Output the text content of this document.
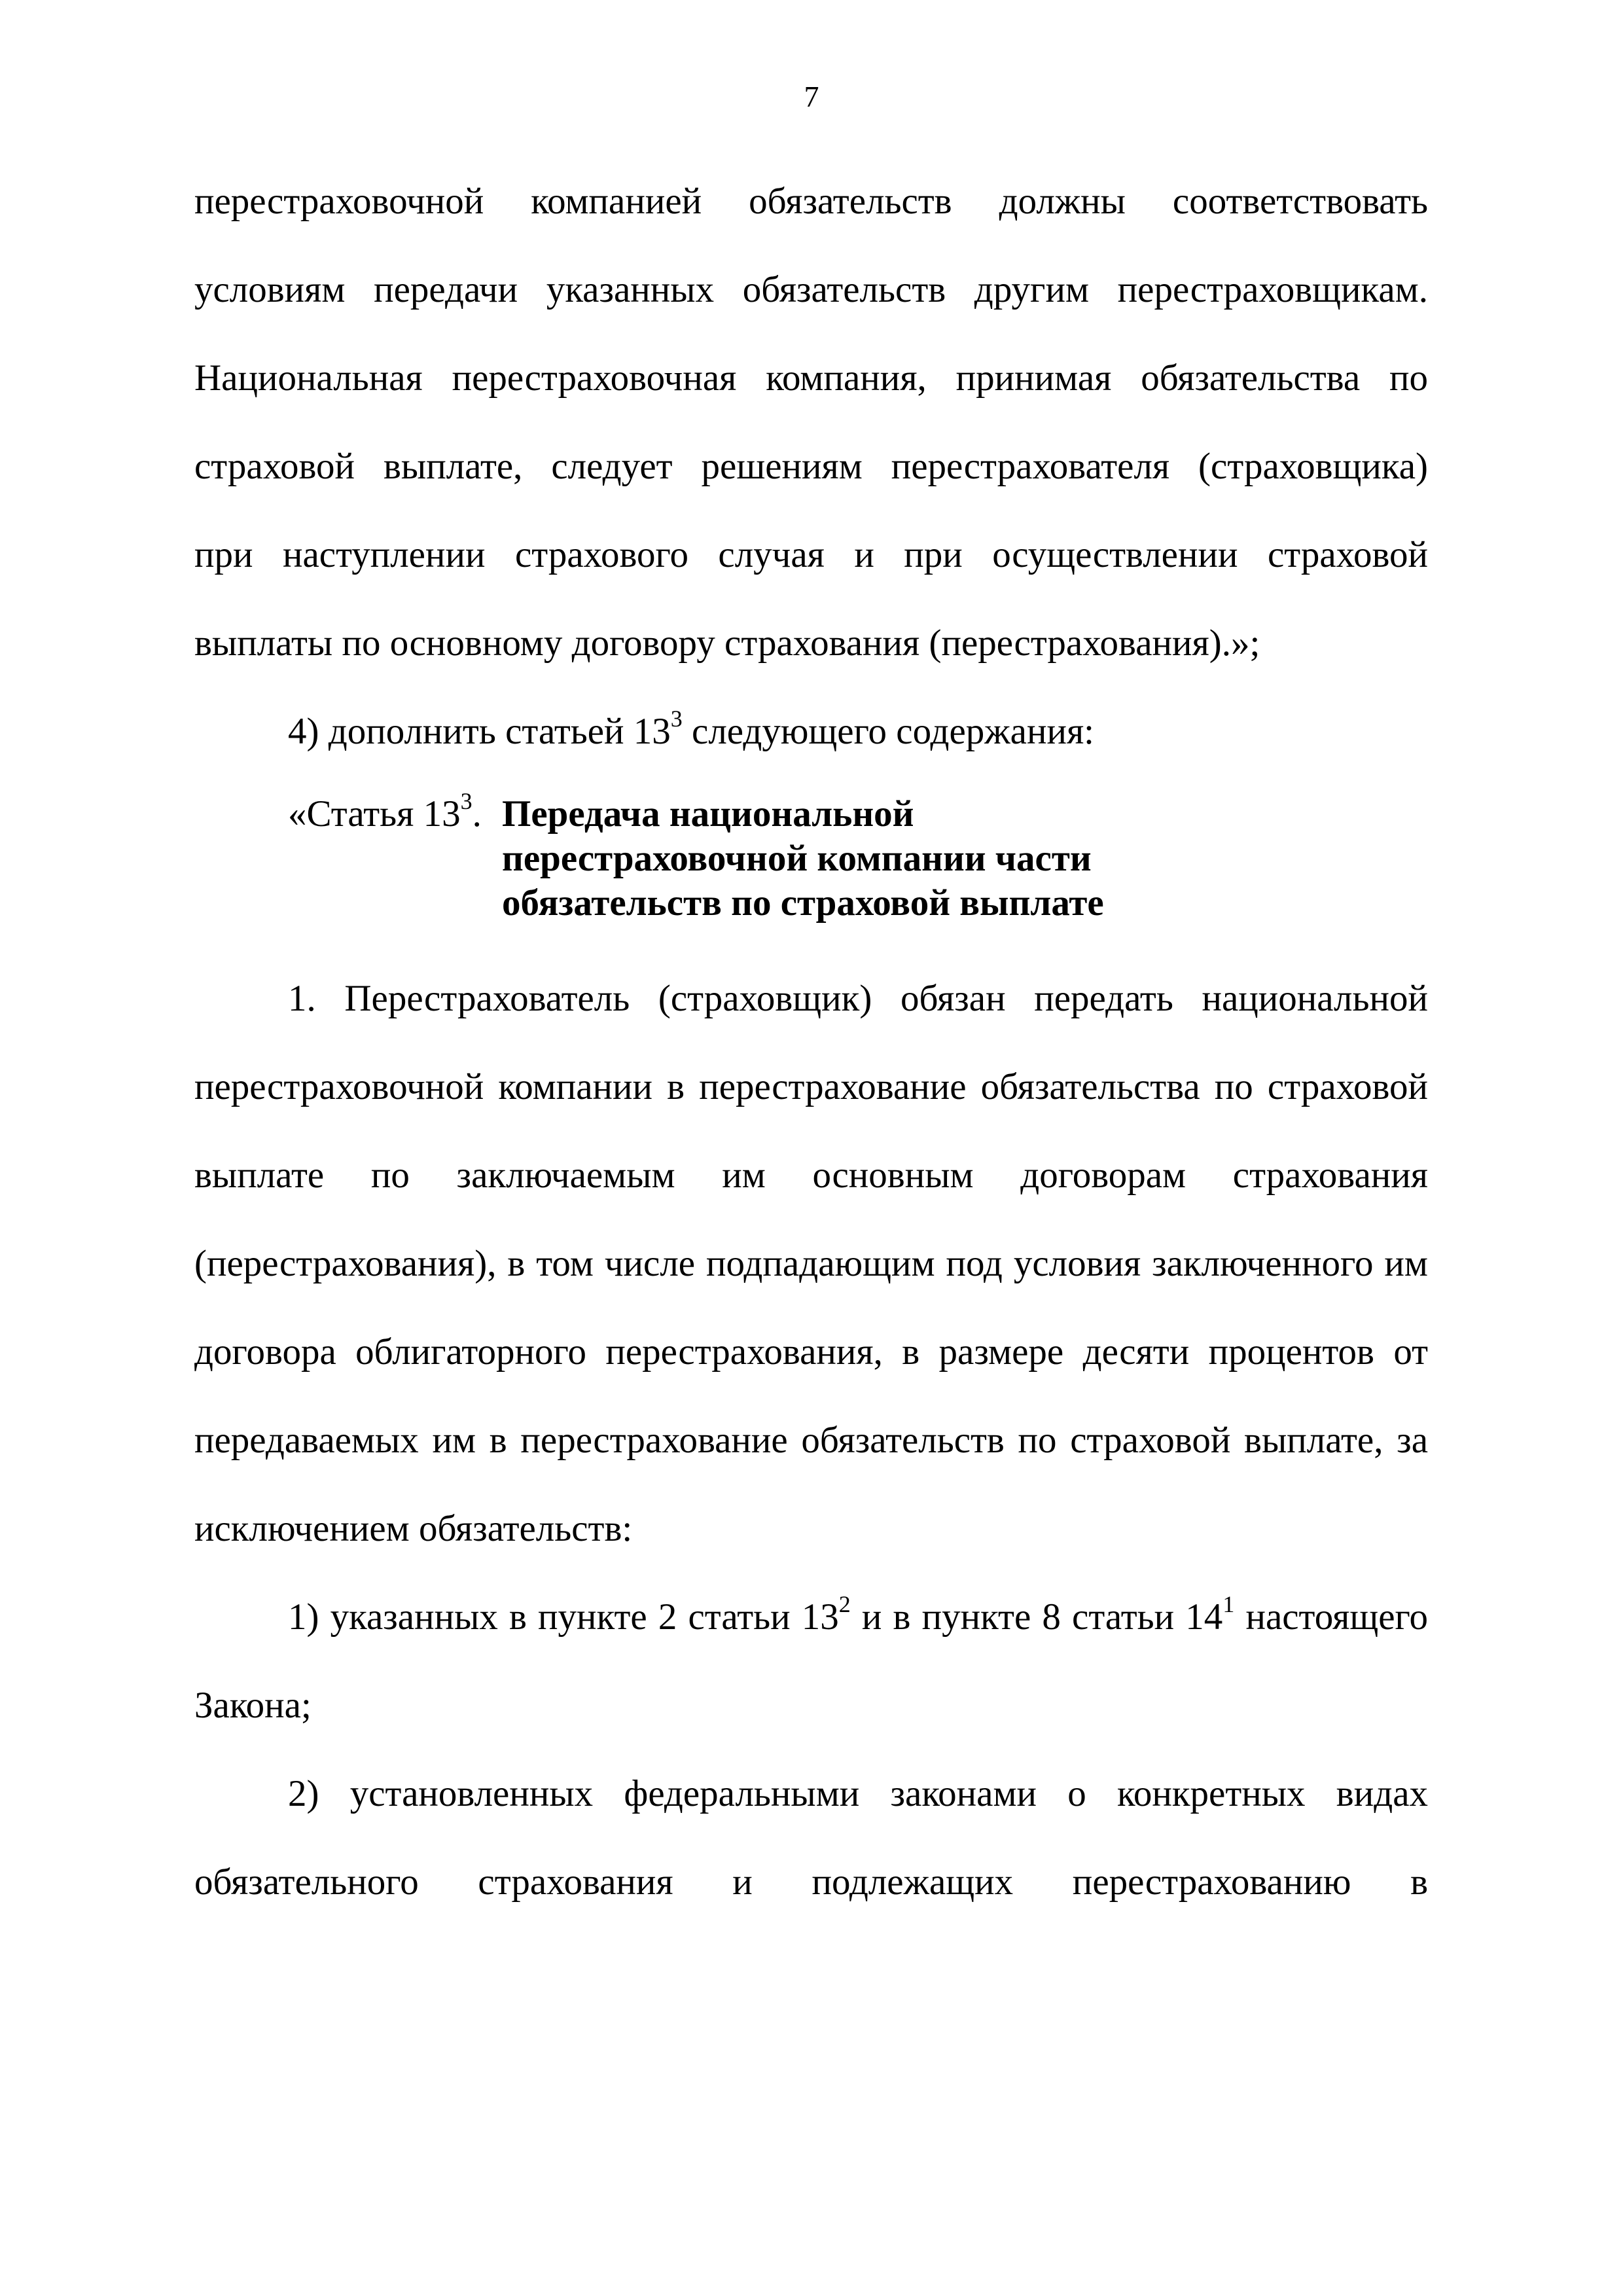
7

перестраховочной компанией обязательств должны соответствовать

условиям передачи указанных обязательств другим перестраховщикам.

Национальная перестраховочная компания, принимая обязательства по

страховой выплате, следует решениям перестрахователя (страховщика)

при наступлении страхового случая и при осуществлении страховой

выплаты по основному договору страхования (перестрахования).»;

4) дополнить статьей $13^3$ следующего содержания:

«Статья $13^3$. Передача национальной перестраховочной компании части обязательств по страховой выплате

1. Перестрахователь (страховщик) обязан передать национальной перестраховочной компании в перестрахование обязательства по страховой выплате по заключаемым им основным договорам страхования (перестрахования), в том числе подпадающим под условия заключенного им договора облигаторного перестрахования, в размере десяти процентов от передаваемых им в перестрахование обязательств по страховой выплате, за исключением обязательств:

1) указанных в пункте 2 статьи $13^2$ и в пункте 8 статьи $14^1$ настоящего Закона;

2) установленных федеральными законами о конкретных видах обязательного страхования и подлежащих перестрахованию в
